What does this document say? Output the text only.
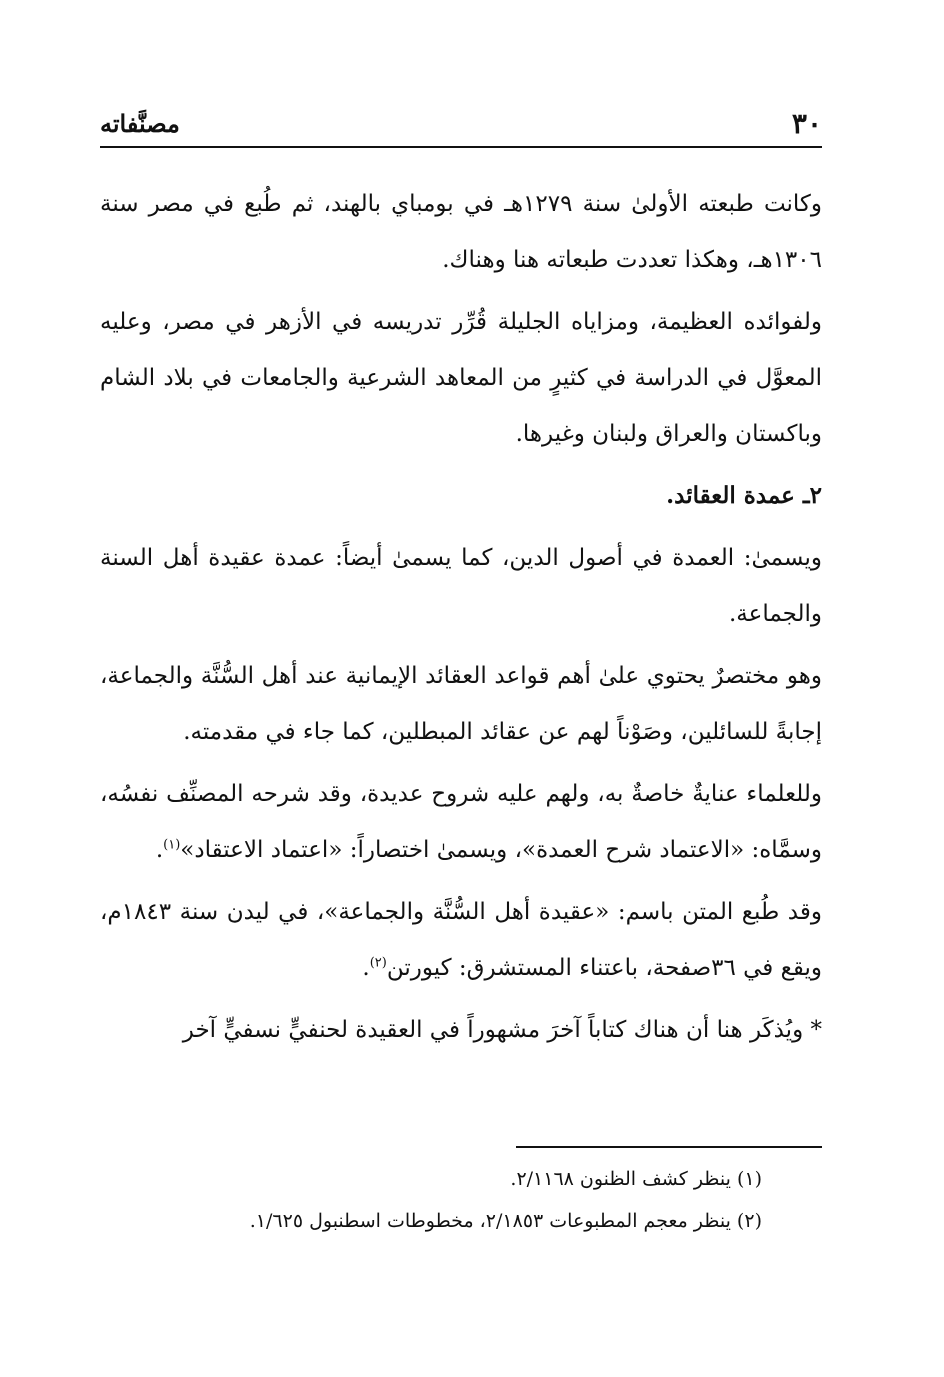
٣٠
مصنَّفاته

وكانت طبعته الأولىٰ سنة ١٢٧٩هـ في بومباي بالهند، ثم طُبع في مصر سنة ١٣٠٦هـ، وهكذا تعددت طبعاته هنا وهناك.

ولفوائده العظيمة، ومزاياه الجليلة قُرِّر تدريسه في الأزهر في مصر، وعليه المعوَّل في الدراسة في كثيرٍ من المعاهد الشرعية والجامعات في بلاد الشام وباكستان والعراق ولبنان وغيرها.

٢ـ عمدة العقائد.

ويسمىٰ: العمدة في أصول الدين، كما يسمىٰ أيضاً: عمدة عقيدة أهل السنة والجماعة.

وهو مختصرٌ يحتوي علىٰ أهم قواعد العقائد الإيمانية عند أهل السُّنَّة والجماعة، إجابةً للسائلين، وصَوْناً لهم عن عقائد المبطلين، كما جاء في مقدمته.

وللعلماء عنايةٌ خاصةٌ به، ولهم عليه شروح عديدة، وقد شرحه المصنِّف نفسُه، وسمَّاه: «الاعتماد شرح العمدة»، ويسمىٰ اختصاراً: «اعتماد الاعتقاد»$^{(١)}$.

وقد طُبع المتن باسم: «عقيدة أهل السُّنَّة والجماعة»، في ليدن سنة ١٨٤٣م، ويقع في ٣٦صفحة، باعتناء المستشرق: كيورتن$^{(٢)}$.

* ويُذكَر هنا أن هناك كتاباً آخرَ مشهوراً في العقيدة لحنفيٍّ نسفيٍّ آخر

(١) ينظر كشف الظنون ٢/١١٦٨.

(٢) ينظر معجم المطبوعات ٢/١٨٥٣، مخطوطات اسطنبول ١/٦٢٥.
